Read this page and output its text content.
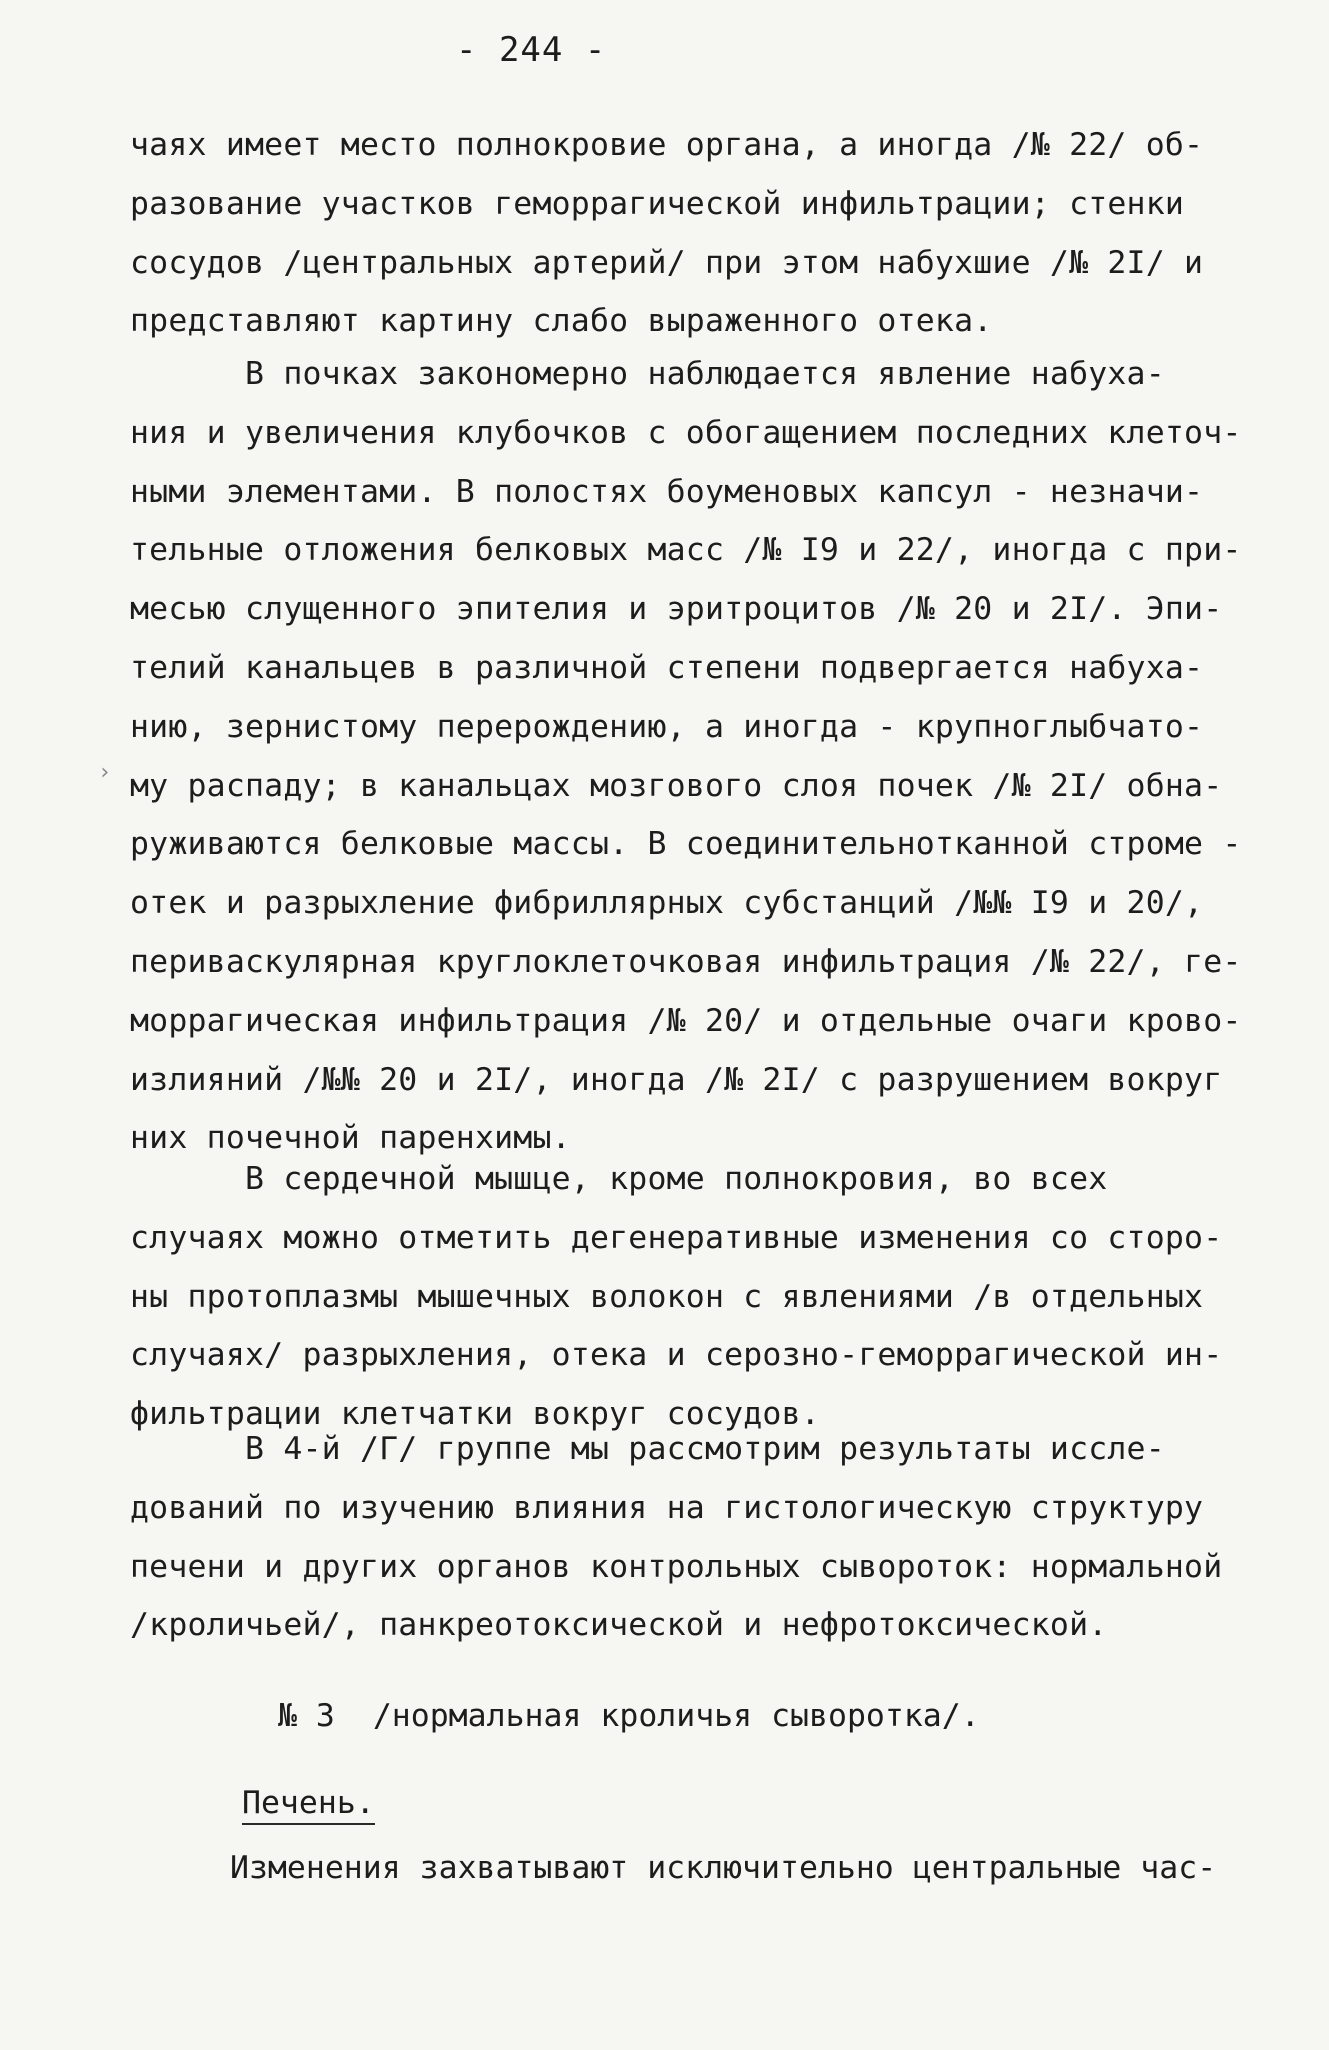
- 244 -
›
чаях имеет место полнокровие органа, а иногда /№ 22/ об-
разование участков геморрагической инфильтрации; стенки
сосудов /центральных артерий/ при этом набухшие /№ 2I/ и
представляют картину слабо выраженного отека.
В почках закономерно наблюдается явление набуха-
ния и увеличения клубочков с обогащением последних клеточ-
ными элементами. В полостях боуменовых капсул - незначи-
тельные отложения белковых масс /№ I9 и 22/, иногда с при-
месью слущенного эпителия и эритроцитов /№ 20 и 2I/. Эпи-
телий канальцев в различной степени подвергается набуха-
нию, зернистому перерождению, а иногда - крупноглыбчато-
му распаду; в канальцах мозгового слоя почек /№ 2I/ обна-
руживаются белковые массы. В соединительнотканной строме -
отек и разрыхление фибриллярных субстанций /№№ I9 и 20/,
периваскулярная круглоклеточковая инфильтрация /№ 22/, ге-
моррагическая инфильтрация /№ 20/ и отдельные очаги крово-
излияний /№№ 20 и 2I/, иногда /№ 2I/ с разрушением вокруг
них почечной паренхимы.
В сердечной мышце, кроме полнокровия, во всех
случаях можно отметить дегенеративные изменения со сторо-
ны протоплазмы мышечных волокон с явлениями /в отдельных
случаях/ разрыхления, отека и серозно-геморрагической ин-
фильтрации клетчатки вокруг сосудов.
В 4-й /Г/ группе мы рассмотрим результаты иссле-
дований по изучению влияния на гистологическую структуру
печени и других органов контрольных сывороток: нормальной
/кроличьей/, панкреотоксической и нефротоксической.
№ 3  /нормальная кроличья сыворотка/.
Печень.
Изменения захватывают исключительно центральные час-
